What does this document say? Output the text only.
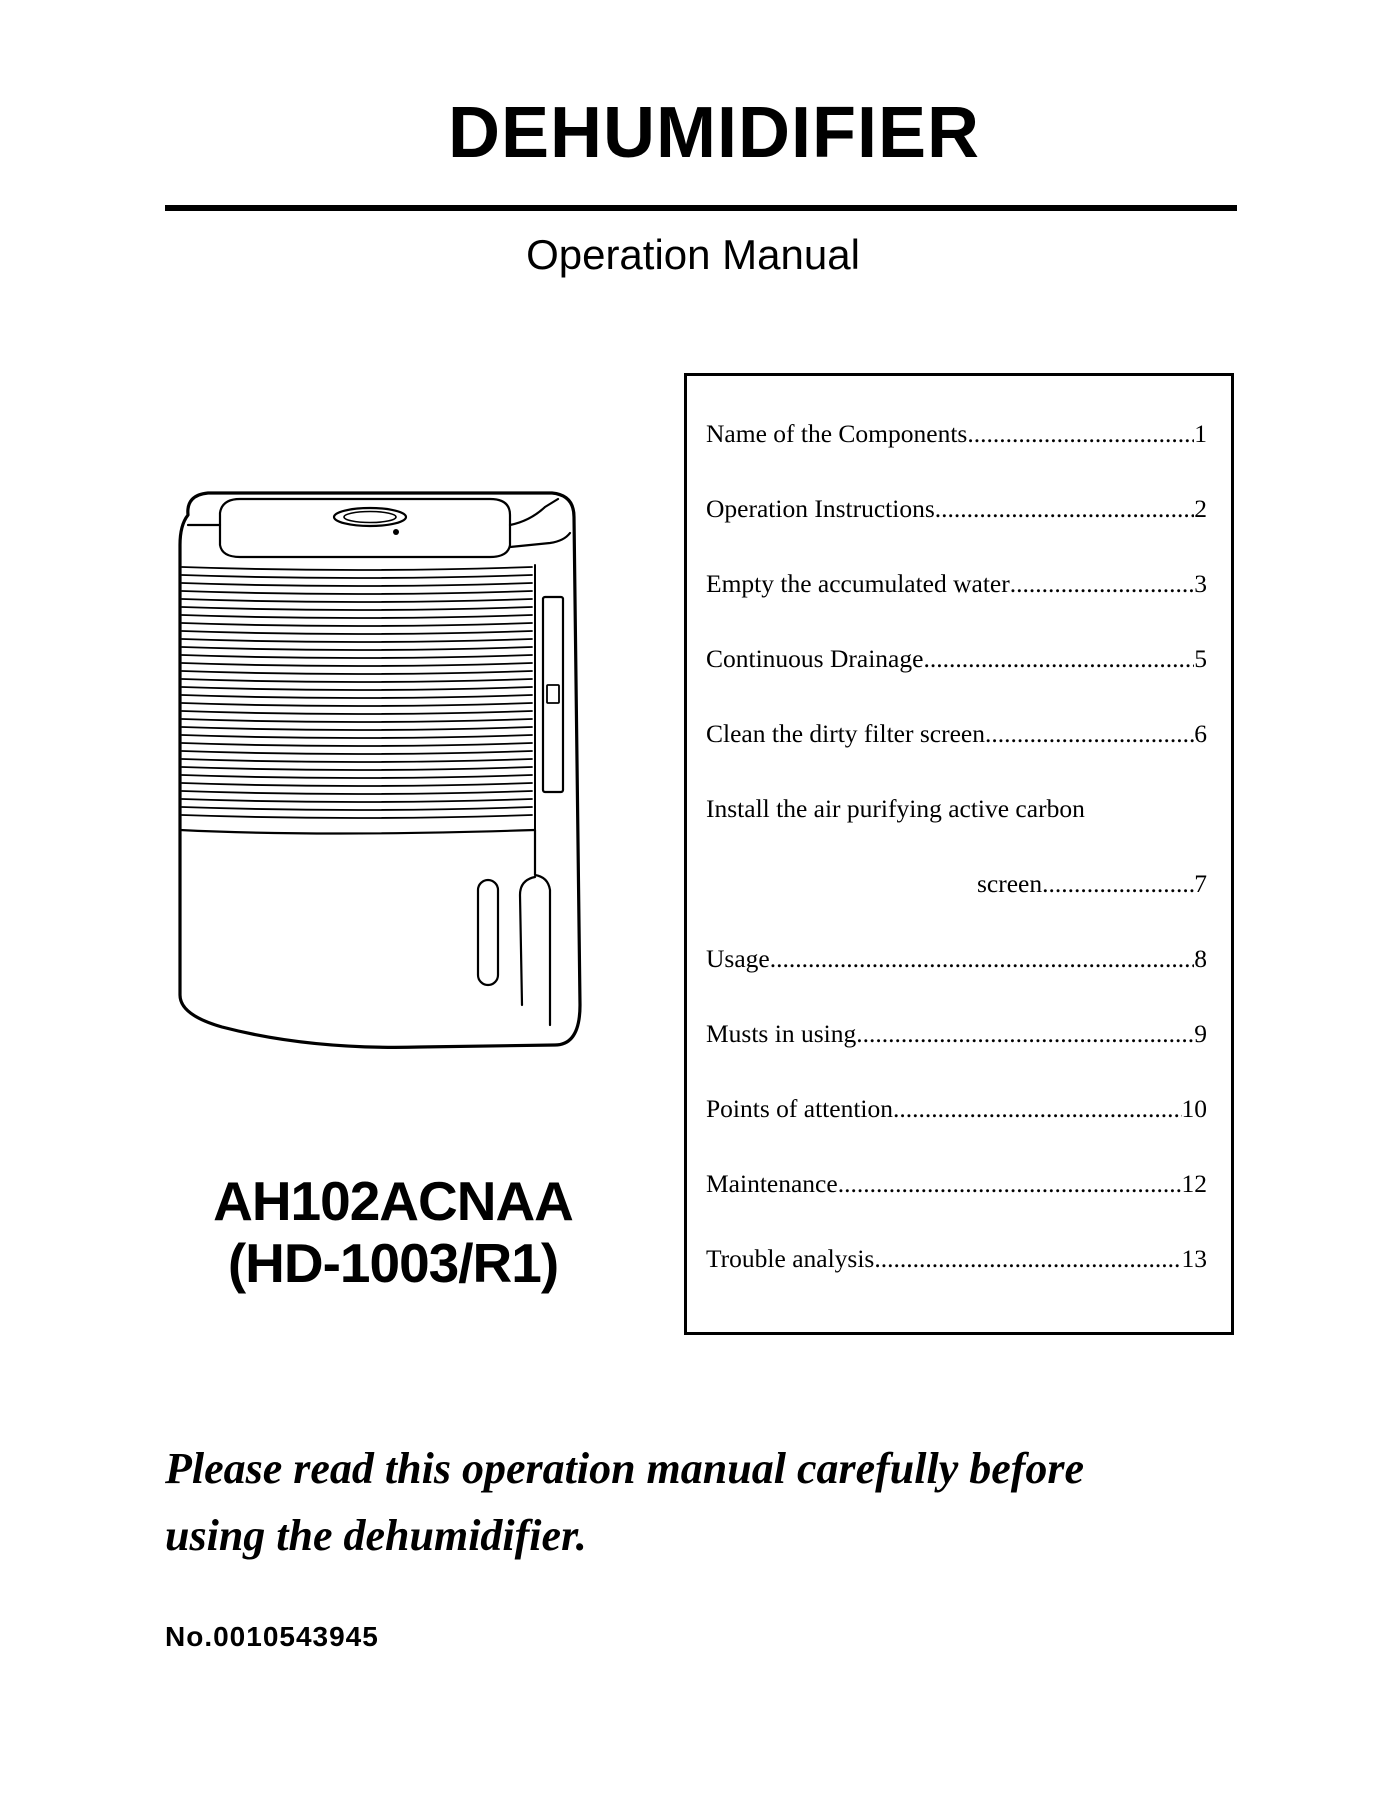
DEHUMIDIFIER
Operation Manual
AH102ACNAA
(HD-1003/R1)
Name of the Components .....	1
Operation Instructions .....	2
Empty the accumulated water .....	3
Continuous Drainage .....	5
Clean the dirty filter screen .....	6
Install the air purifying active carbon
screen .....	7
Usage .....	8
Musts in using .....	9
Points of attention .....	10
Maintenance .....	12
Trouble analysis .....	13
Please read this operation manual carefully before
using the dehumidifier.
No.0010543945
